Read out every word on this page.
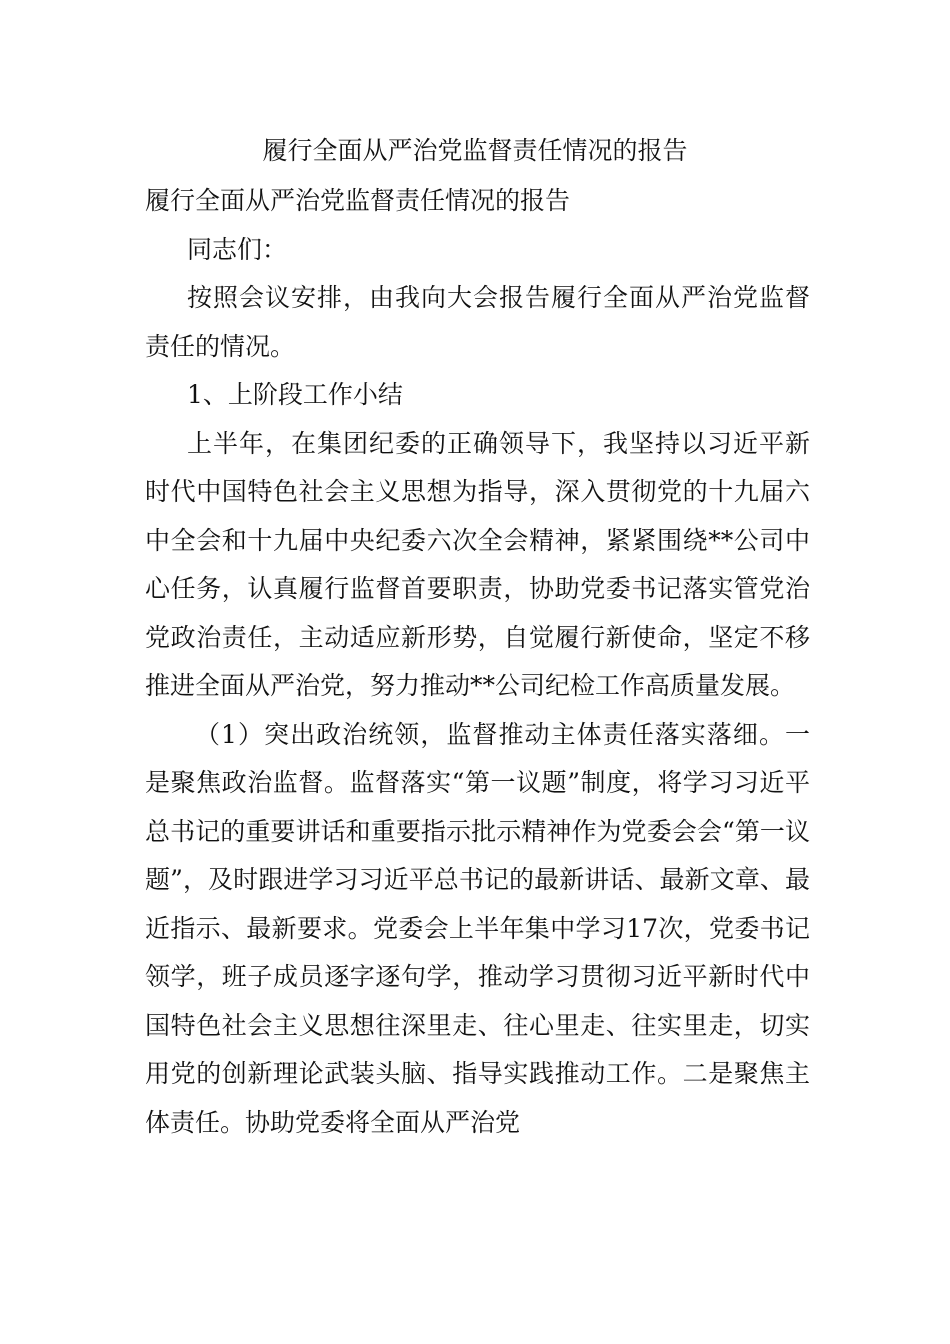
履行全面从严治党监督责任情况的报告

履行全面从严治党监督责任情况的报告

同志们：

按照会议安排，由我向大会报告履行全面从严治党监督责任的情况。

1、上阶段工作小结

上半年，在集团纪委的正确领导下，我坚持以习近平新时代中国特色社会主义思想为指导，深入贯彻党的十九届六中全会和十九届中央纪委六次全会精神，紧紧围绕**公司中心任务，认真履行监督首要职责，协助党委书记落实管党治党政治责任，主动适应新形势，自觉履行新使命，坚定不移推进全面从严治党，努力推动**公司纪检工作高质量发展。

（1）突出政治统领，监督推动主体责任落实落细。一是聚焦政治监督。监督落实“第一议题”制度，将学习习近平总书记的重要讲话和重要指示批示精神作为党委会会“第一议题”，及时跟进学习习近平总书记的最新讲话、最新文章、最近指示、最新要求。党委会上半年集中学习17次，党委书记领学，班子成员逐字逐句学，推动学习贯彻习近平新时代中国特色社会主义思想往深里走、往心里走、往实里走，切实用党的创新理论武装头脑、指导实践推动工作。二是聚焦主体责任。协助党委将全面从严治党
